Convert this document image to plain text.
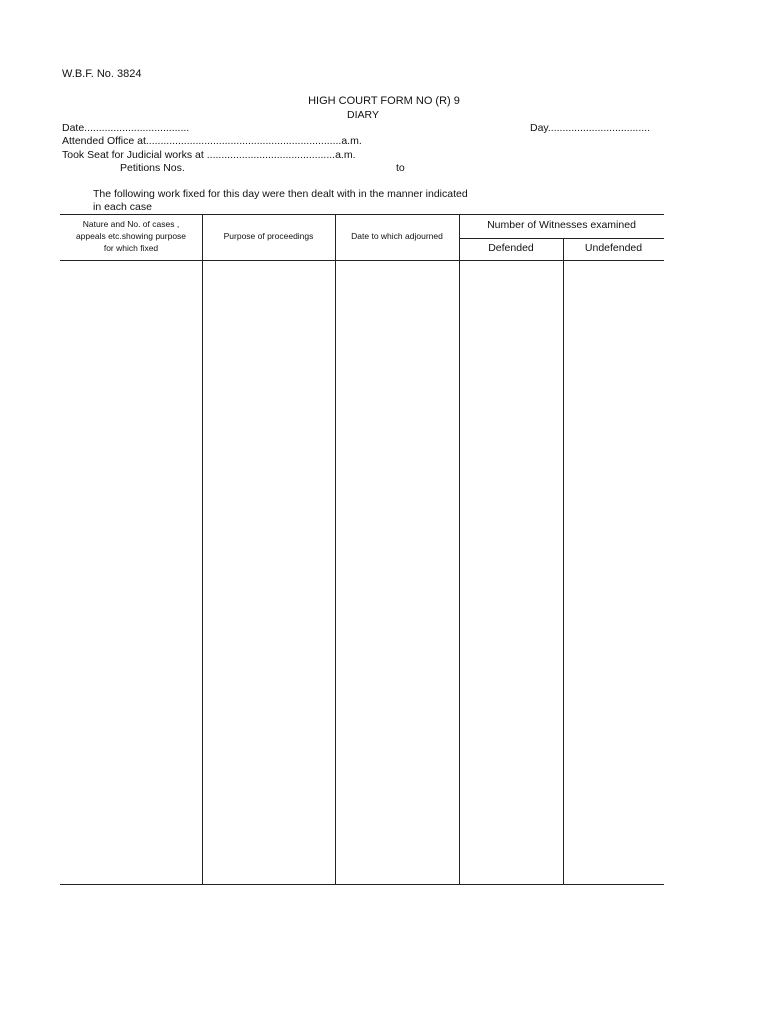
W.B.F. No. 3824
HIGH COURT FORM NO (R) 9
DIARY
Date....................................	Day...................................
Attended Office at...................................................................a.m.
Took Seat for Judicial works at ............................................a.m.
Petitions Nos.	to
The following work fixed for this day were then dealt with in the manner indicated
in each case
Nature and No. of cases ,
appeals etc.showing purpose
for which fixed
Purpose of proceedings	Date to which adjourned
Number of Witnesses examined
Defended	Undefended
